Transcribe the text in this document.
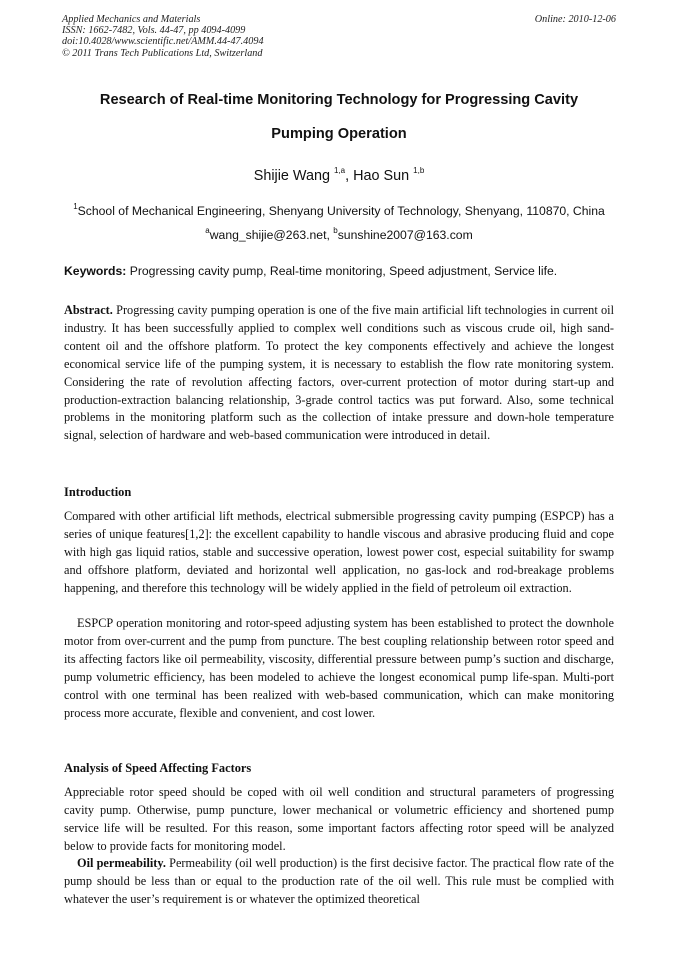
Applied Mechanics and Materials
ISSN: 1662-7482, Vols. 44-47, pp 4094-4099
doi:10.4028/www.scientific.net/AMM.44-47.4094
© 2011 Trans Tech Publications Ltd, Switzerland
Online: 2010-12-06
Research of Real-time Monitoring Technology for Progressing Cavity
Pumping Operation
Shijie Wang $^{1,a}$, Hao Sun $^{1,b}$
$^1$School of Mechanical Engineering, Shenyang University of Technology, Shenyang, 110870, China
$^a$wang_shijie@263.net, $^b$sunshine2007@163.com
Keywords: Progressing cavity pump, Real-time monitoring, Speed adjustment, Service life.
Abstract. Progressing cavity pumping operation is one of the five main artificial lift technologies in current oil industry. It has been successfully applied to complex well conditions such as viscous crude oil, high sand-content oil and the offshore platform. To protect the key components effectively and achieve the longest economical service life of the pumping system, it is necessary to establish the flow rate monitoring system. Considering the rate of revolution affecting factors, over-current protection of motor during start-up and production-extraction balancing relationship, 3-grade control tactics was put forward. Also, some technical problems in the monitoring platform such as the collection of intake pressure and down-hole temperature signal, selection of hardware and web-based communication were introduced in detail.
Introduction
Compared with other artificial lift methods, electrical submersible progressing cavity pumping (ESPCP) has a series of unique features[1,2]: the excellent capability to handle viscous and abrasive producing fluid and cope with high gas liquid ratios, stable and successive operation, lowest power cost, especial suitability for swamp and offshore platform, deviated and horizontal well application, no gas-lock and rod-breakage problems happening, and therefore this technology will be widely applied in the field of petroleum oil extraction.
ESPCP operation monitoring and rotor-speed adjusting system has been established to protect the downhole motor from over-current and the pump from puncture. The best coupling relationship between rotor speed and its affecting factors like oil permeability, viscosity, differential pressure between pump’s suction and discharge, pump volumetric efficiency, has been modeled to achieve the longest economical pump life-span. Multi-port control with one terminal has been realized with web-based communication, which can make monitoring process more accurate, flexible and convenient, and cost lower.
Analysis of Speed Affecting Factors
Appreciable rotor speed should be coped with oil well condition and structural parameters of progressing cavity pump. Otherwise, pump puncture, lower mechanical or volumetric efficiency and shortened pump service life will be resulted. For this reason, some important factors affecting rotor speed will be analyzed below to provide facts for monitoring model.
Oil permeability. Permeability (oil well production) is the first decisive factor. The practical flow rate of the pump should be less than or equal to the production rate of the oil well. This rule must be complied with whatever the user’s requirement is or whatever the optimized theoretical
